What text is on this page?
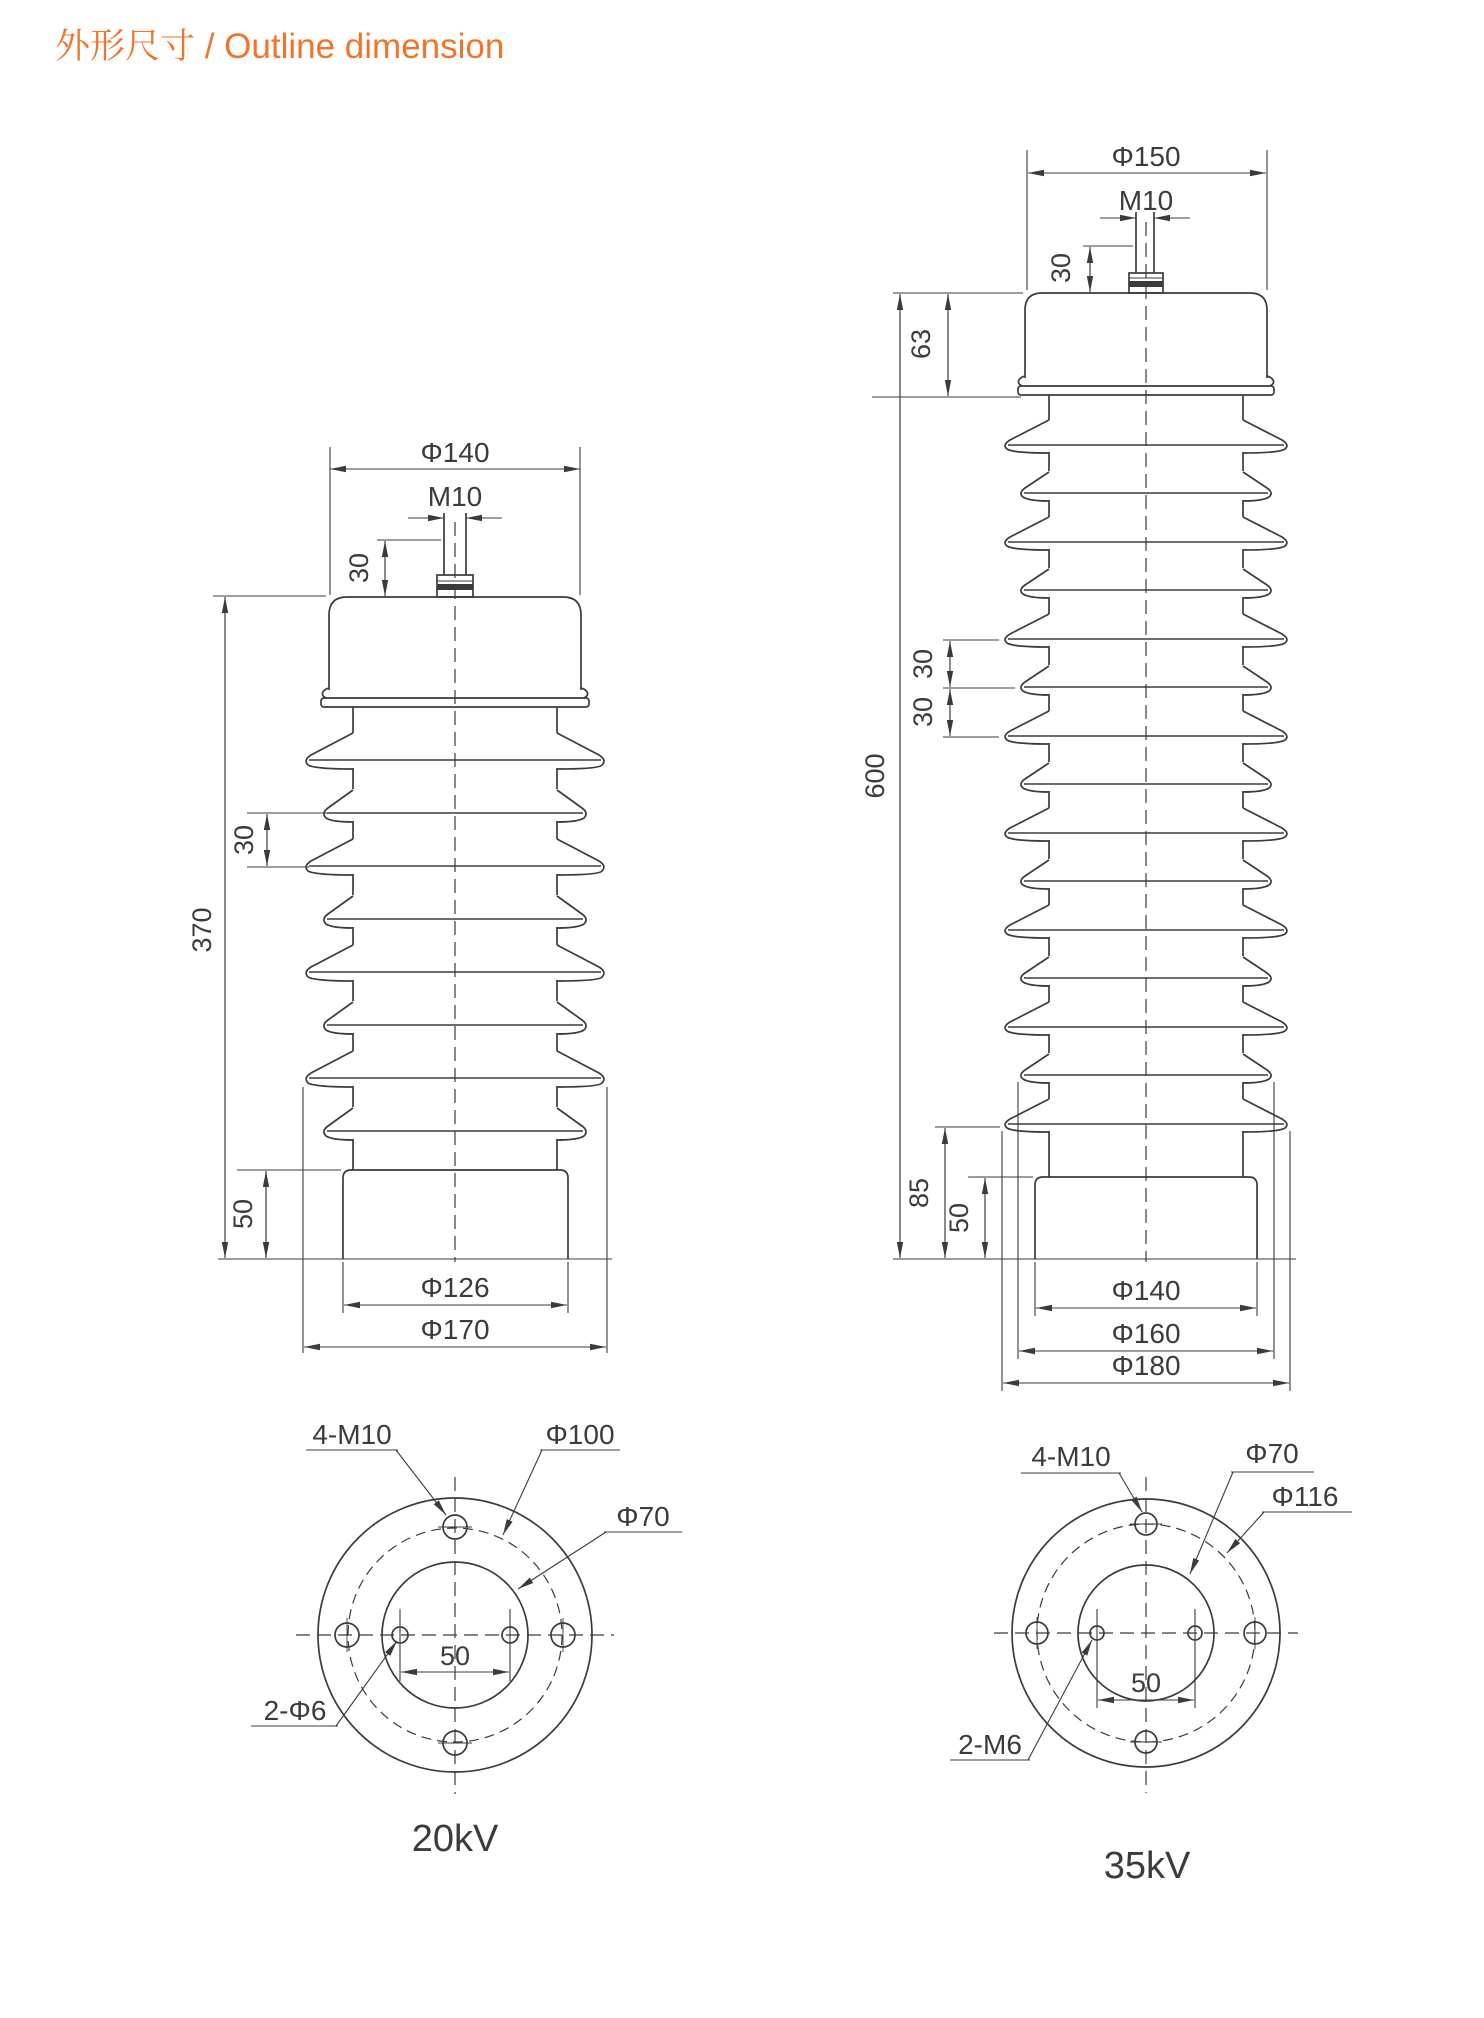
外形尺寸 / Outline dimension
Φ140
M10
30
370
30
50
Φ126
Φ170
Φ150
M10
30
63
600
30
30
85
50
Φ140
Φ160
Φ180
50
4-M10	Φ100
Φ70
2-Φ6
20kV
50
4-M10	Φ70
Φ116
2-M6
35kV
